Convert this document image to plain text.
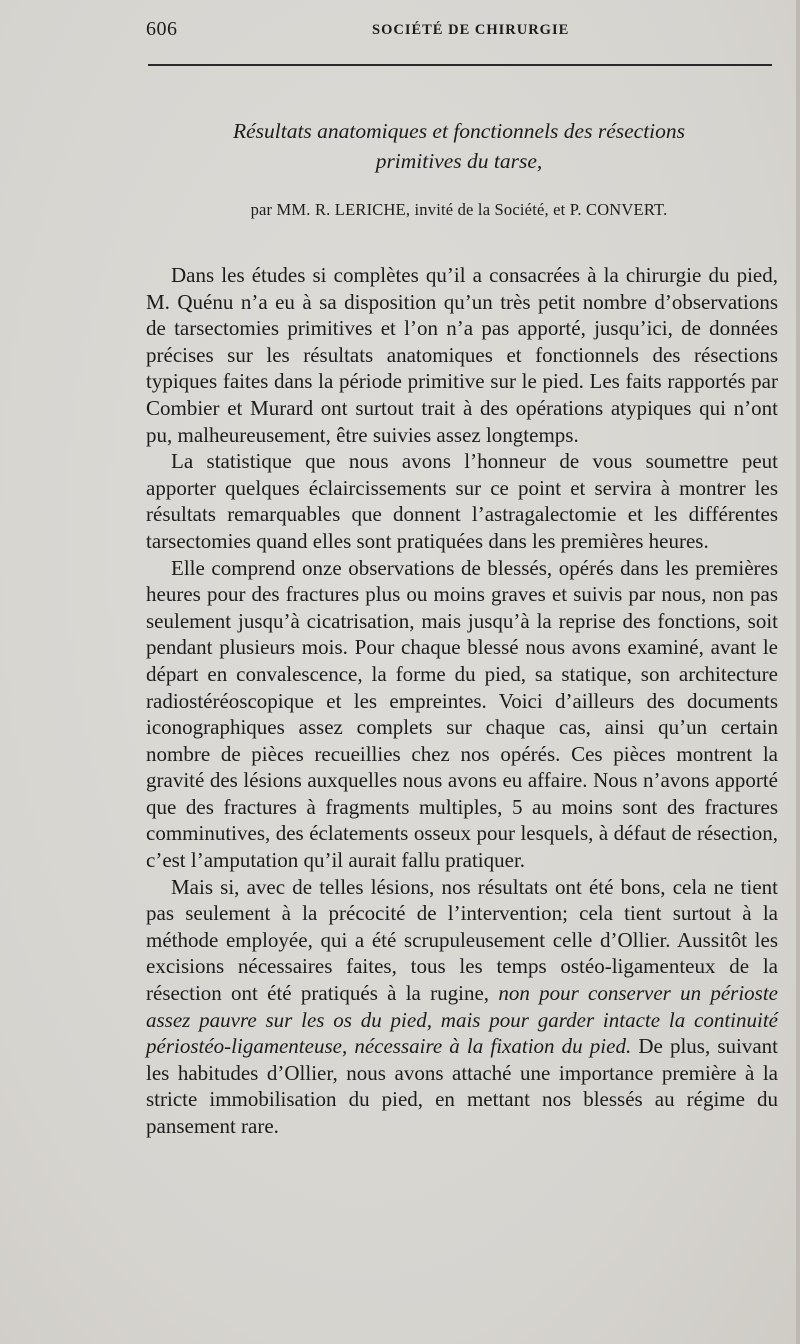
606	SOCIÉTÉ DE CHIRURGIE
Résultats anatomiques et fonctionnels des résections
primitives du tarse,
par MM. R. LERICHE, invité de la Société, et P. CONVERT.

Dans les études si complètes qu’il a consacrées à la chirurgie du pied, M. Quénu n’a eu à sa disposition qu’un très petit nombre d’observations de tarsectomies primitives et l’on n’a pas apporté, jusqu’ici, de données précises sur les résultats anatomiques et fonctionnels des résections typiques faites dans la période primitive sur le pied. Les faits rapportés par Combier et Murard ont surtout trait à des opérations atypiques qui n’ont pu, malheureusement, être suivies assez longtemps.

La statistique que nous avons l’honneur de vous soumettre peut apporter quelques éclaircissements sur ce point et servira à montrer les résultats remarquables que donnent l’astragalectomie et les différentes tarsectomies quand elles sont pratiquées dans les premières heures.

Elle comprend onze observations de blessés, opérés dans les premières heures pour des fractures plus ou moins graves et suivis par nous, non pas seulement jusqu’à cicatrisation, mais jusqu’à la reprise des fonctions, soit pendant plusieurs mois. Pour chaque blessé nous avons examiné, avant le départ en convalescence, la forme du pied, sa statique, son architecture radiostéréoscopique et les empreintes. Voici d’ailleurs des documents iconographiques assez complets sur chaque cas, ainsi qu’un certain nombre de pièces recueillies chez nos opérés. Ces pièces montrent la gravité des lésions auxquelles nous avons eu affaire. Nous n’avons apporté que des fractures à fragments multiples, 5 au moins sont des fractures comminutives, des éclatements osseux pour lesquels, à défaut de résection, c’est l’amputation qu’il aurait fallu pratiquer.

Mais si, avec de telles lésions, nos résultats ont été bons, cela ne tient pas seulement à la précocité de l’intervention; cela tient surtout à la méthode employée, qui a été scrupuleusement celle d’Ollier. Aussitôt les excisions nécessaires faites, tous les temps ostéo-ligamenteux de la résection ont été pratiqués à la rugine, non pour conserver un périoste assez pauvre sur les os du pied, mais pour garder intacte la continuité périostéo-ligamenteuse, nécessaire à la fixation du pied. De plus, suivant les habitudes d’Ollier, nous avons attaché une importance première à la stricte immobilisation du pied, en mettant nos blessés au régime du pansement rare.
